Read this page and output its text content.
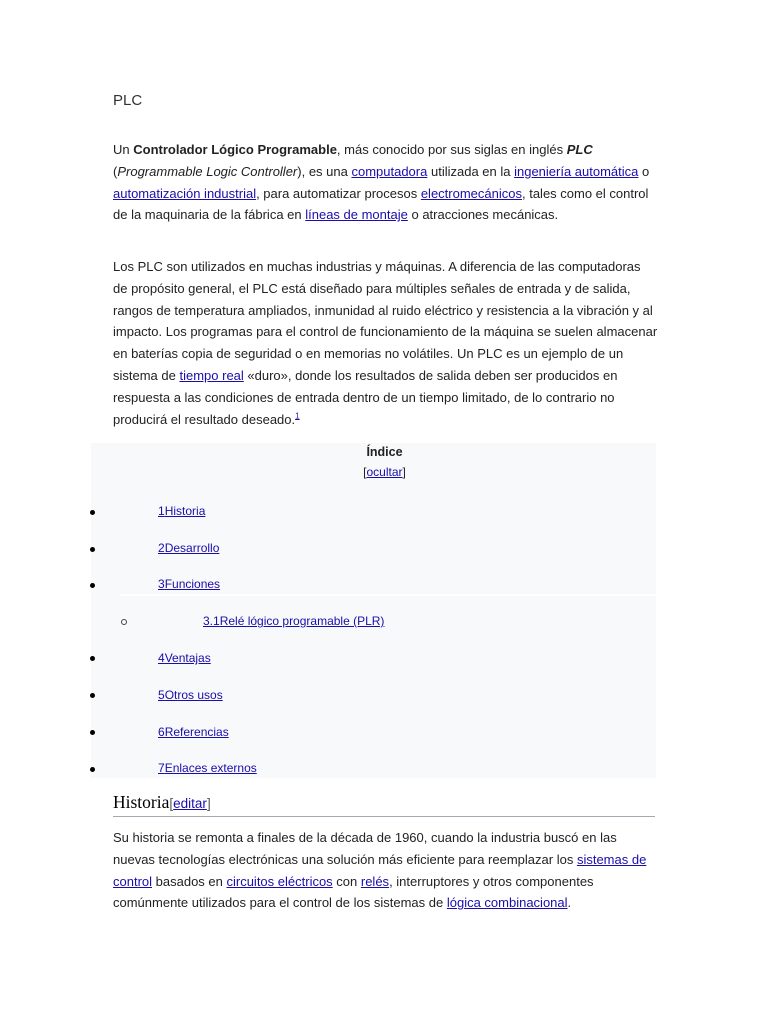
PLC

Un Controlador Lógico Programable, más conocido por sus siglas en inglés PLC (Programmable Logic Controller), es una computadora utilizada en la ingeniería automática o automatización industrial, para automatizar procesos electromecánicos, tales como el control de la maquinaria de la fábrica en líneas de montaje o atracciones mecánicas.

Los PLC son utilizados en muchas industrias y máquinas. A diferencia de las computadoras de propósito general, el PLC está diseñado para múltiples señales de entrada y de salida, rangos de temperatura ampliados, inmunidad al ruido eléctrico y resistencia a la vibración y al impacto. Los programas para el control de funcionamiento de la máquina se suelen almacenar en baterías copia de seguridad o en memorias no volátiles. Un PLC es un ejemplo de un sistema de tiempo real «duro», donde los resultados de salida deben ser producidos en respuesta a las condiciones de entrada dentro de un tiempo limitado, de lo contrario no producirá el resultado deseado.$^1$

Índice
[ocultar]
1Historia
2Desarrollo
3Funciones
3.1Relé lógico programable (PLR)
4Ventajas
5Otros usos
6Referencias
7Enlaces externos
Historia[editar]

Su historia se remonta a finales de la década de 1960, cuando la industria buscó en las nuevas tecnologías electrónicas una solución más eficiente para reemplazar los sistemas de control basados en circuitos eléctricos con relés, interruptores y otros componentes comúnmente utilizados para el control de los sistemas de lógica combinacional.
